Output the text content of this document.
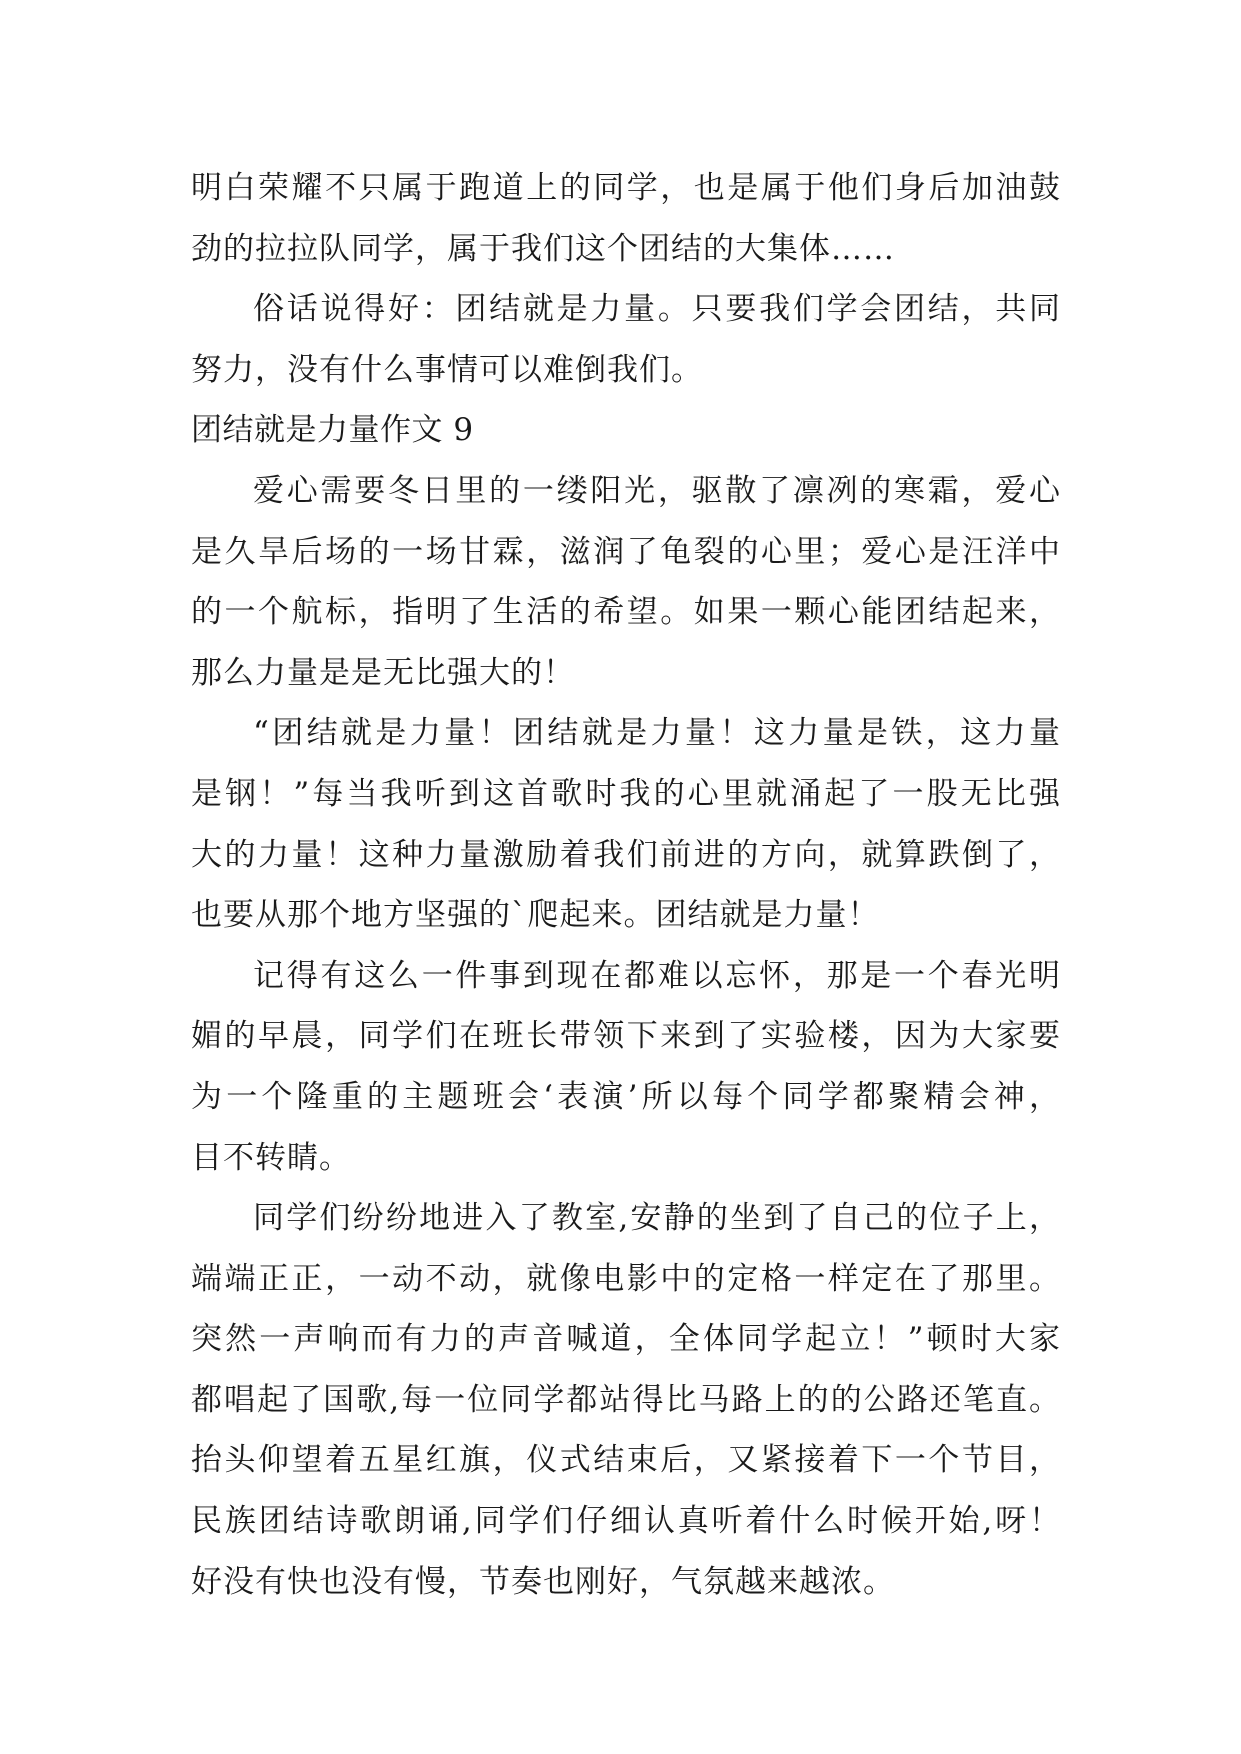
明白荣耀不只属于跑道上的同学，也是属于他们身后加油鼓
劲的拉拉队同学，属于我们这个团结的大集体……
俗话说得好：团结就是力量。只要我们学会团结，共同
努力，没有什么事情可以难倒我们。
团结就是力量作文 9
爱心需要冬日里的一缕阳光，驱散了凛冽的寒霜，爱心
是久旱后场的一场甘霖，滋润了龟裂的心里；爱心是汪洋中
的一个航标，指明了生活的希望。如果一颗心能团结起来，
那么力量是是无比强大的！
“团结就是力量！团结就是力量！这力量是铁，这力量
是钢！”每当我听到这首歌时我的心里就涌起了一股无比强
大的力量！这种力量激励着我们前进的方向，就算跌倒了，
也要从那个地方坚强的`爬起来。团结就是力量！
记得有这么一件事到现在都难以忘怀，那是一个春光明
媚的早晨，同学们在班长带领下来到了实验楼，因为大家要
为一个隆重的主题班会‘表演’所以每个同学都聚精会神，
目不转睛。
同学们纷纷地进入了教室,安静的坐到了自己的位子上，
端端正正，一动不动，就像电影中的定格一样定在了那里。
突然一声响而有力的声音喊道，全体同学起立！”顿时大家
都唱起了国歌,每一位同学都站得比马路上的的公路还笔直。
抬头仰望着五星红旗，仪式结束后，又紧接着下一个节目，
民族团结诗歌朗诵,同学们仔细认真听着什么时候开始,呀！
好没有快也没有慢，节奏也刚好，气氛越来越浓。
